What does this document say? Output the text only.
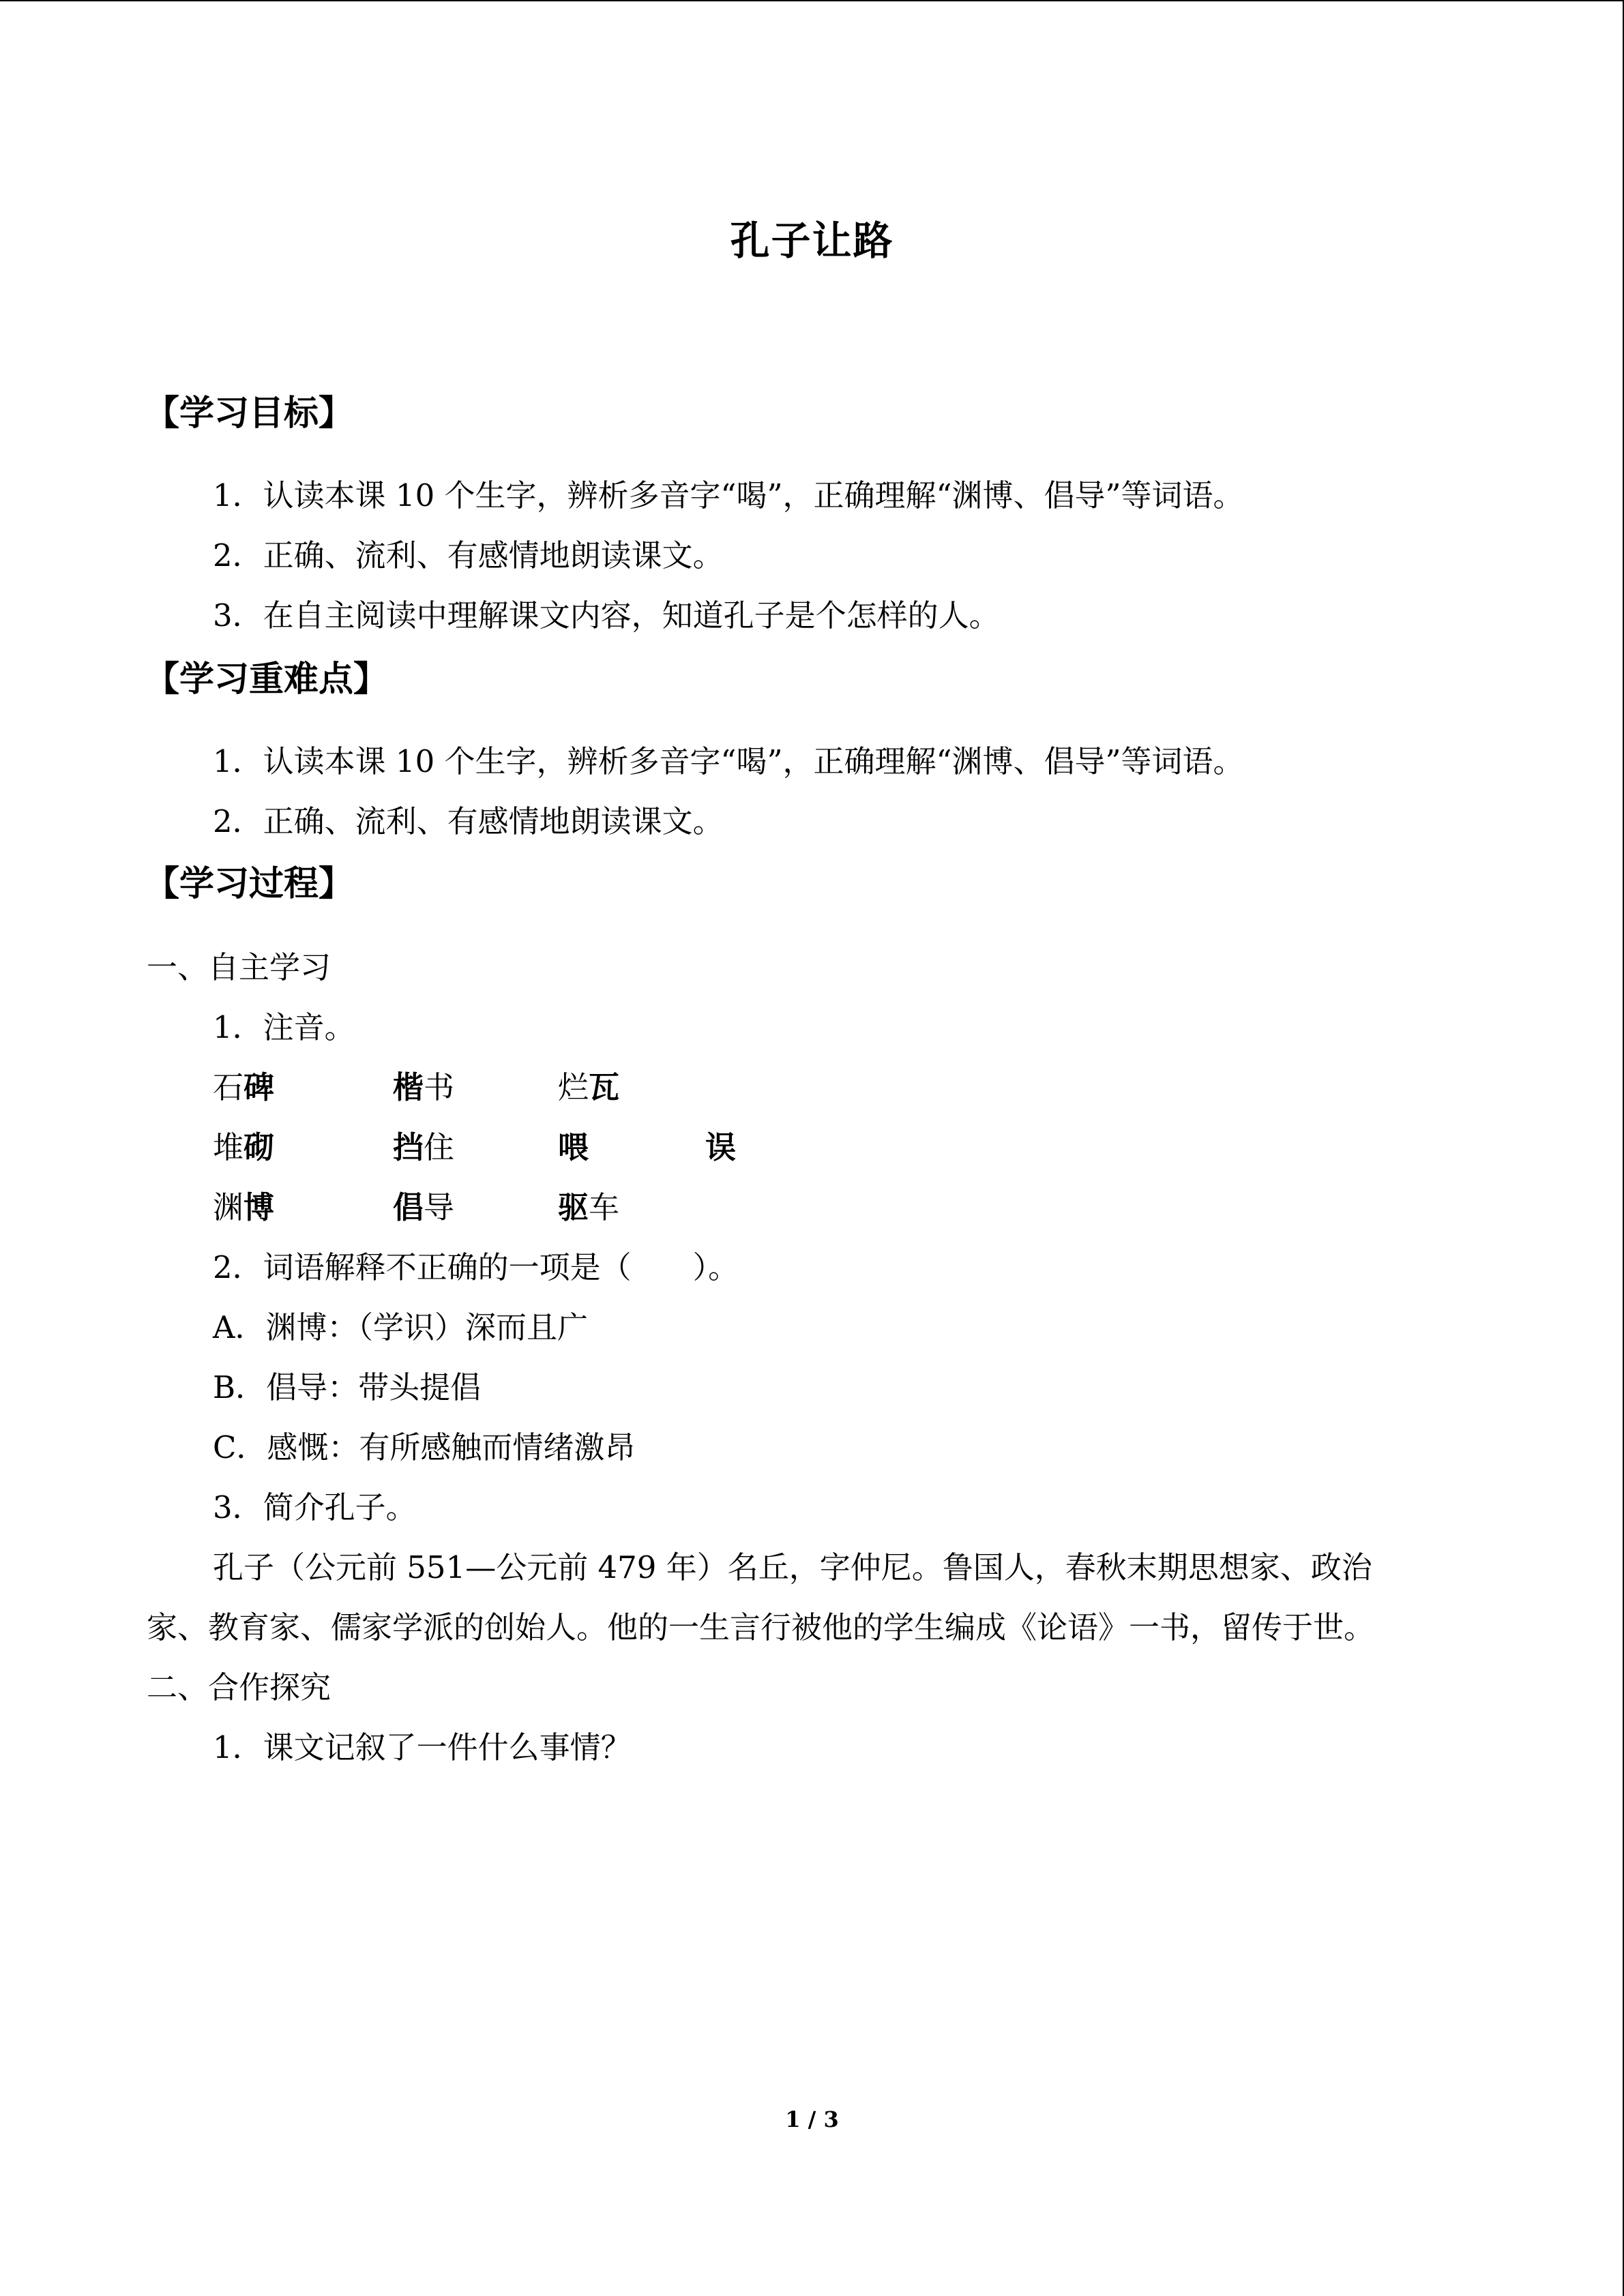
孔子让路
【学习目标】
1．认读本课 10 个生字，辨析多音字“喝”，正确理解“渊博、倡导”等词语。
2．正确、流利、有感情地朗读课文。
3．在自主阅读中理解课文内容，知道孔子是个怎样的人。
【学习重难点】
1．认读本课 10 个生字，辨析多音字“喝”，正确理解“渊博、倡导”等词语。
2．正确、流利、有感情地朗读课文。
【学习过程】
一、自主学习
1．注音。
石碑	楷书	烂瓦
堆砌	挡住	喂	误
渊博	倡导	驱车
2．词语解释不正确的一项是（　　）。
A．渊博：（学识）深而且广
B．倡导：带头提倡
C．感慨：有所感触而情绪激昂
3．简介孔子。
孔子（公元前 551—公元前 479 年）名丘，字仲尼。鲁国人，春秋末期思想家、政治
家、教育家、儒家学派的创始人。他的一生言行被他的学生编成《论语》一书，留传于世。
二、合作探究
1．课文记叙了一件什么事情？
1 / 3
